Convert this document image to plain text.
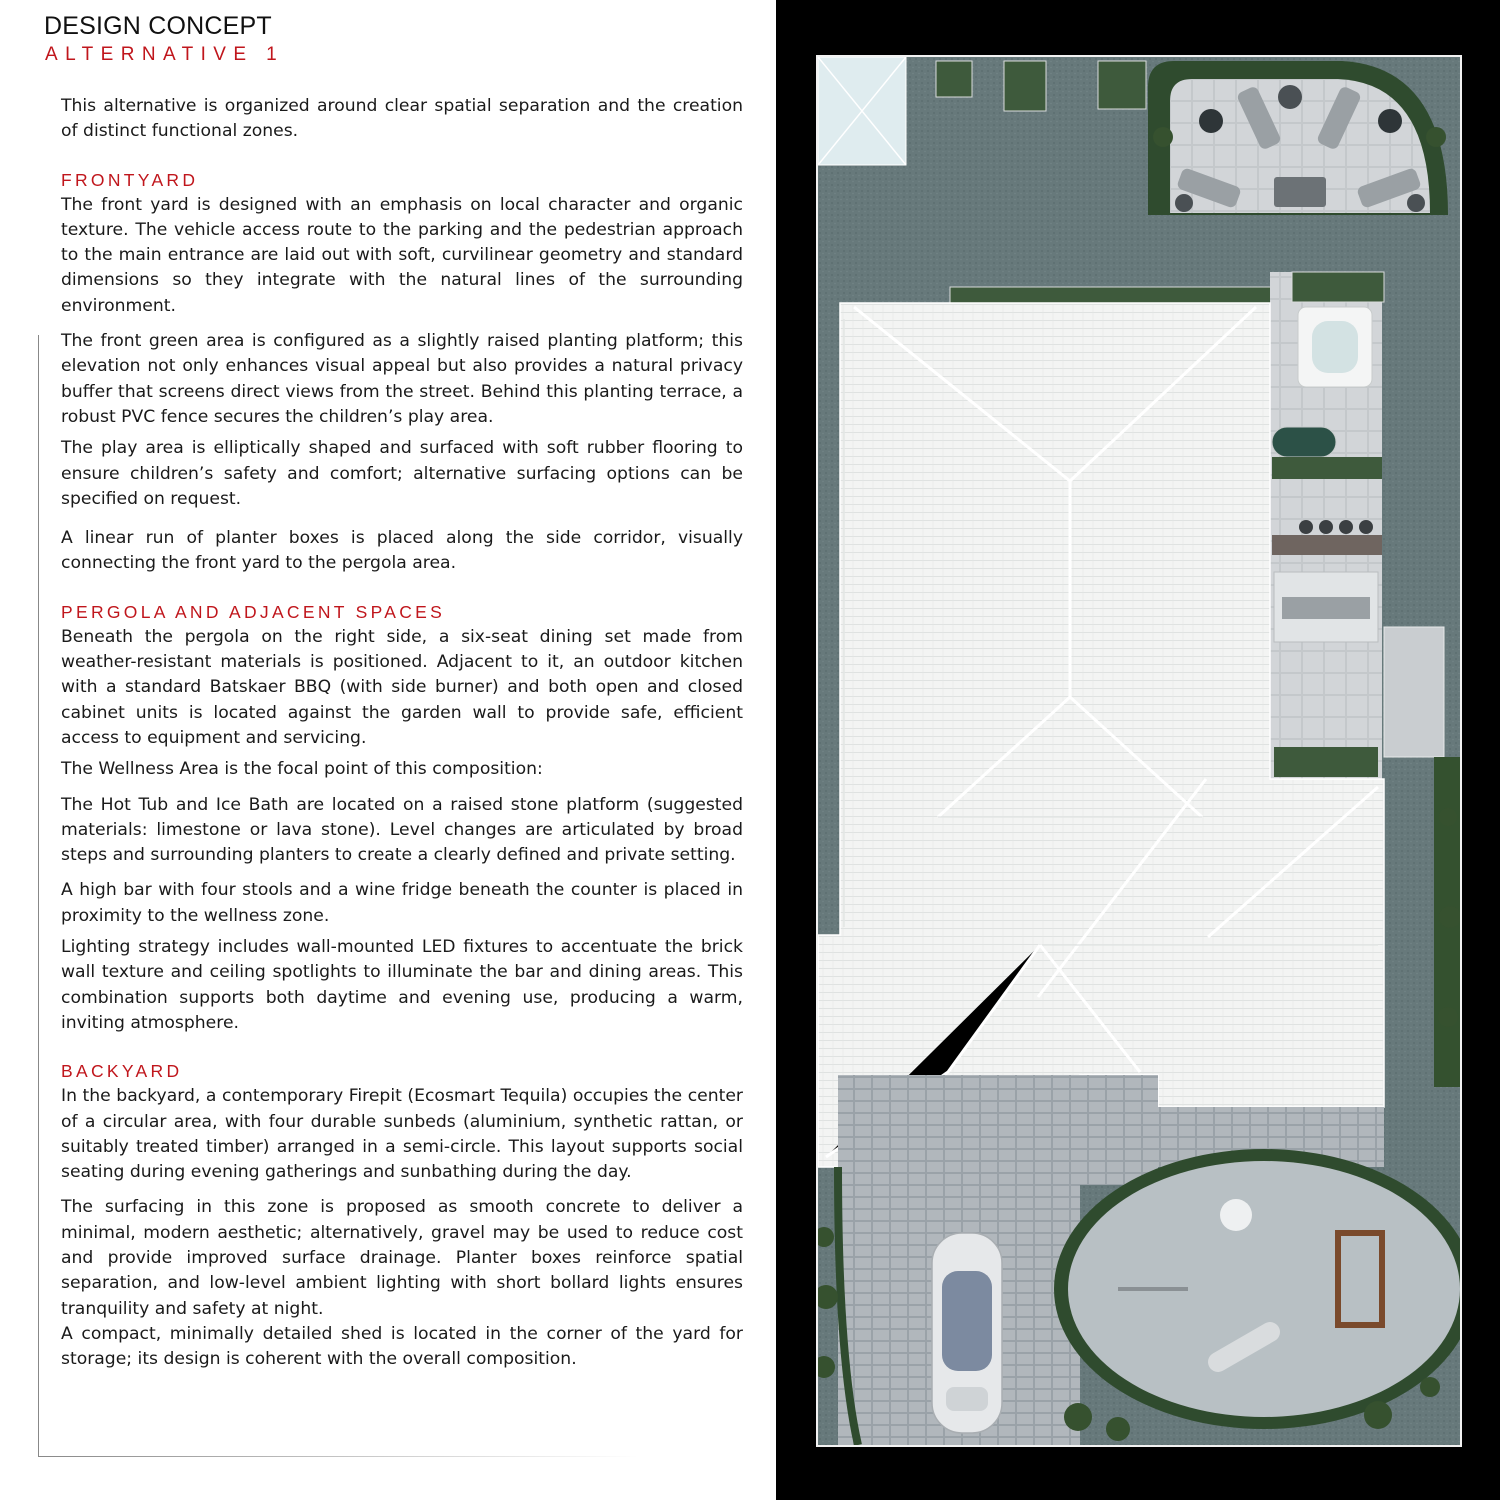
DESIGN CONCEPT
ALTERNATIVE 1

This alternative is organized around clear spatial separation and the creation of distinct functional zones.

FRONTYARD

The front yard is designed with an emphasis on local character and organic texture. The vehicle access route to the parking and the pedestrian approach to the main entrance are laid out with soft, curvilinear geometry and standard dimensions so they integrate with the natural lines of the surrounding environment.

The front green area is configured as a slightly raised planting platform; this elevation not only enhances visual appeal but also provides a natural privacy buffer that screens direct views from the street. Behind this planting terrace, a robust PVC fence secures the children’s play area.

The play area is elliptically shaped and surfaced with soft rubber flooring to ensure children’s safety and comfort; alternative surfacing options can be specified on request.

A linear run of planter boxes is placed along the side corridor, visually connecting the front yard to the pergola area.

PERGOLA AND ADJACENT SPACES

Beneath the pergola on the right side, a six-seat dining set made from weather-resistant materials is positioned. Adjacent to it, an outdoor kitchen with a standard Batskaer BBQ (with side burner) and both open and closed cabinet units is located against the garden wall to provide safe, efficient access to equipment and servicing.

The Wellness Area is the focal point of this composition:

The Hot Tub and Ice Bath are located on a raised stone platform (suggested materials: limestone or lava stone). Level changes are articulated by broad steps and surrounding planters to create a clearly defined and private setting.

A high bar with four stools and a wine fridge beneath the counter is placed in proximity to the wellness zone.

Lighting strategy includes wall-mounted LED fixtures to accentuate the brick wall texture and ceiling spotlights to illuminate the bar and dining areas. This combination supports both daytime and evening use, producing a warm, inviting atmosphere.

BACKYARD

In the backyard, a contemporary Firepit (Ecosmart Tequila) occupies the center of a circular area, with four durable sunbeds (aluminium, synthetic rattan, or suitably treated timber) arranged in a semi-circle. This layout supports social seating during evening gatherings and sunbathing during the day.

The surfacing in this zone is proposed as smooth concrete to deliver a minimal, modern aesthetic; alternatively, gravel may be used to reduce cost and provide improved surface drainage. Planter boxes reinforce spatial separation, and low-level ambient lighting with short bollard lights ensures tranquility and safety at night.

A compact, minimally detailed shed is located in the corner of the yard for storage; its design is coherent with the overall composition.
